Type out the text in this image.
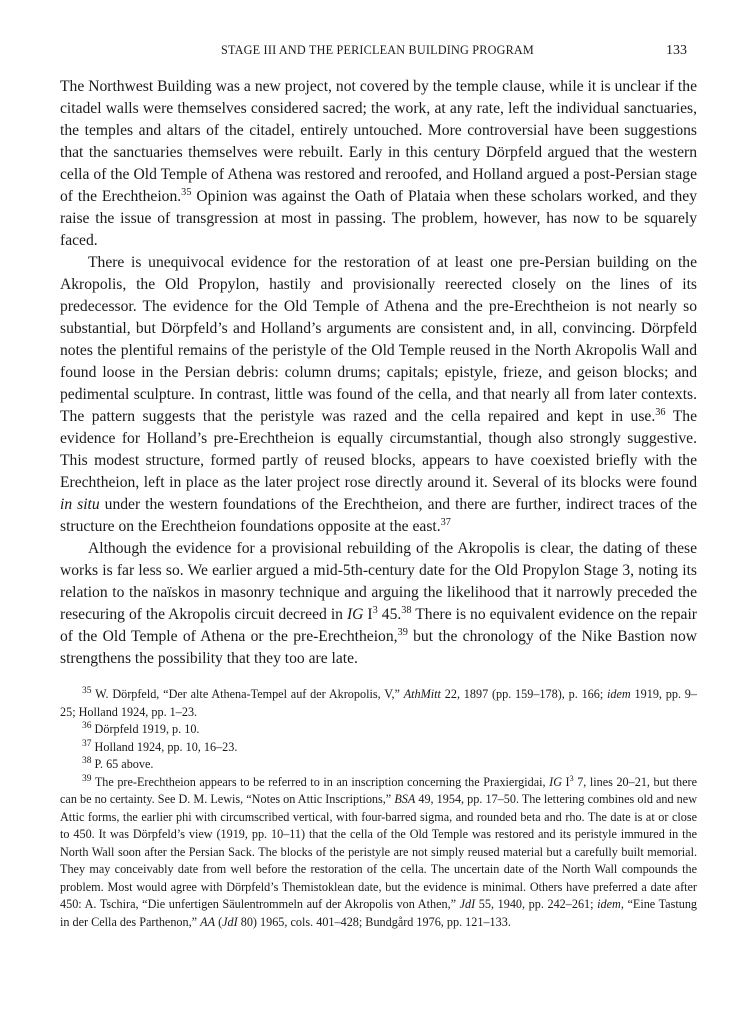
STAGE III AND THE PERICLEAN BUILDING PROGRAM	133

The Northwest Building was a new project, not covered by the temple clause, while it is unclear if the citadel walls were themselves considered sacred; the work, at any rate, left the individual sanctuaries, the temples and altars of the citadel, entirely untouched. More controversial have been suggestions that the sanctuaries themselves were rebuilt. Early in this century Dörpfeld argued that the western cella of the Old Temple of Athena was restored and reroofed, and Holland argued a post-Persian stage of the Erechtheion.$^{35}$ Opinion was against the Oath of Plataia when these scholars worked, and they raise the issue of transgression at most in passing. The problem, however, has now to be squarely faced.

There is unequivocal evidence for the restoration of at least one pre-Persian building on the Akropolis, the Old Propylon, hastily and provisionally reerected closely on the lines of its predecessor. The evidence for the Old Temple of Athena and the pre-Erechtheion is not nearly so substantial, but Dörpfeld’s and Holland’s arguments are consistent and, in all, convincing. Dörpfeld notes the plentiful remains of the peristyle of the Old Temple reused in the North Akropolis Wall and found loose in the Persian debris: column drums; capitals; epistyle, frieze, and geison blocks; and pedimental sculpture. In contrast, little was found of the cella, and that nearly all from later contexts. The pattern suggests that the peristyle was razed and the cella repaired and kept in use.$^{36}$ The evidence for Holland’s pre-Erechtheion is equally circumstantial, though also strongly suggestive. This modest structure, formed partly of reused blocks, appears to have coexisted briefly with the Erechtheion, left in place as the later project rose directly around it. Several of its blocks were found in situ under the western foundations of the Erechtheion, and there are further, indirect traces of the structure on the Erechtheion foundations opposite at the east.$^{37}$

Although the evidence for a provisional rebuilding of the Akropolis is clear, the dating of these works is far less so. We earlier argued a mid-5th-century date for the Old Propylon Stage 3, noting its relation to the naïskos in masonry technique and arguing the likelihood that it narrowly preceded the resecuring of the Akropolis circuit decreed in IG $I^3$ 45.38 There is no equivalent evidence on the repair of the Old Temple of Athena or the pre-Erechtheion,$^{39}$ but the chronology of the Nike Bastion now strengthens the possibility that they too are late.

$^{35}$ W. Dörpfeld, “Der alte Athena-Tempel auf der Akropolis, V,” AthMitt 22, 1897 (pp. 159–178), p. 166; idem 1919, pp. 9–25; Holland 1924, pp. 1–23.

$^{36}$ Dörpfeld 1919, p. 10.

$^{37}$ Holland 1924, pp. 10, 16–23.

$^{38}$ P. 65 above.

$^{39}$ The pre-Erechtheion appears to be referred to in an inscription concerning the Praxiergidai, IG $I^3$ 7, lines 20–21, but there can be no certainty. See D. M. Lewis, “Notes on Attic Inscriptions,” BSA 49, 1954, pp. 17–50. The lettering combines old and new Attic forms, the earlier phi with circumscribed vertical, with four-barred sigma, and rounded beta and rho. The date is at or close to 450. It was Dörpfeld’s view (1919, pp. 10–11) that the cella of the Old Temple was restored and its peristyle immured in the North Wall soon after the Persian Sack. The blocks of the peristyle are not simply reused material but a carefully built memorial. They may conceivably date from well before the restoration of the cella. The uncertain date of the North Wall compounds the problem. Most would agree with Dörpfeld’s Themistoklean date, but the evidence is minimal. Others have preferred a date after 450: A. Tschira, “Die unfertigen Säulentrommeln auf der Akropolis von Athen,” JdI 55, 1940, pp. 242–261; idem, “Eine Tastung in der Cella des Parthenon,” AA (JdI 80) 1965, cols. 401–428; Bundgård 1976, pp. 121–133.
